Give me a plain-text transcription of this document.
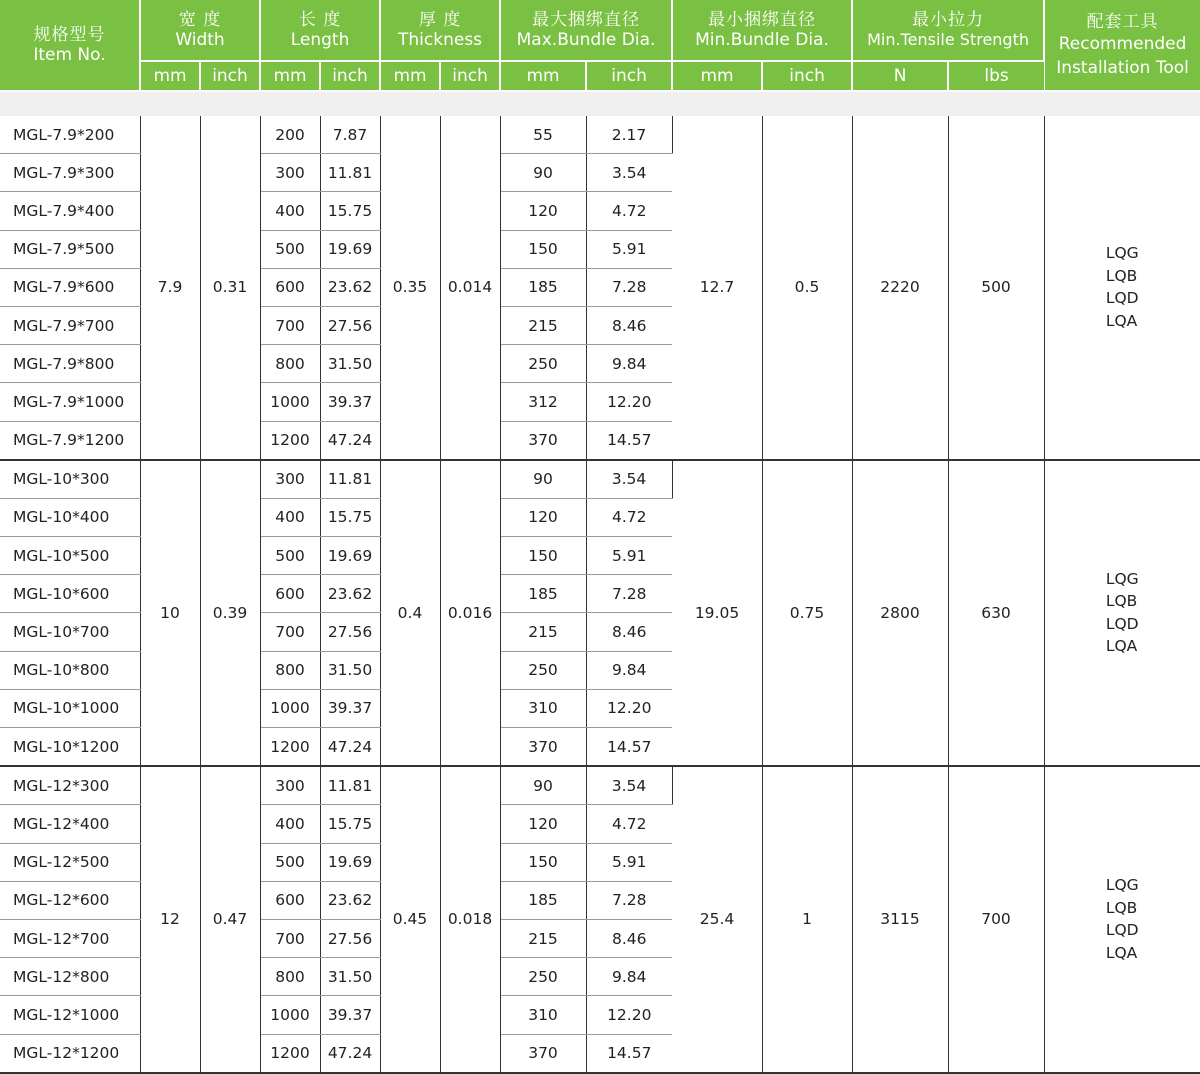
规格型号
Item No.	宽 度
Width		长 度
Length		厚 度
Thickness		最大捆绑直径
Max.Bundle Dia.		最小捆绑直径
Min.Bundle Dia.		最小拉力
Min.Tensile Strength		配套工具
Recommended
Installation Tool

	mm	inch	mm	inch	mm	inch	mm	inch	mm	inch	N	lbs	
MGL-7.9*200	7.9	0.31	200	7.87	0.35	0.014	55	2.17	12.7	0.5	2220	500	LQG
LQB
LQD
LQA

MGL-7.9*300			300	11.81			90	3.54					
MGL-7.9*400			400	15.75			120	4.72					
MGL-7.9*500			500	19.69			150	5.91					
MGL-7.9*600			600	23.62			185	7.28					
MGL-7.9*700			700	27.56			215	8.46					
MGL-7.9*800			800	31.50			250	9.84					
MGL-7.9*1000			1000	39.37			312	12.20					
MGL-7.9*1200			1200	47.24			370	14.57					
MGL-10*300	10	0.39	300	11.81	0.4	0.016	90	3.54	19.05	0.75	2800	630	LQG
LQB
LQD
LQA

MGL-10*400			400	15.75			120	4.72					
MGL-10*500			500	19.69			150	5.91					
MGL-10*600			600	23.62			185	7.28					
MGL-10*700			700	27.56			215	8.46					
MGL-10*800			800	31.50			250	9.84					
MGL-10*1000			1000	39.37			310	12.20					
MGL-10*1200			1200	47.24			370	14.57					
MGL-12*300	12	0.47	300	11.81	0.45	0.018	90	3.54	25.4	1	3115	700	LQG
LQB
LQD
LQA

MGL-12*400			400	15.75			120	4.72					
MGL-12*500			500	19.69			150	5.91					
MGL-12*600			600	23.62			185	7.28					
MGL-12*700			700	27.56			215	8.46					
MGL-12*800			800	31.50			250	9.84					
MGL-12*1000			1000	39.37			310	12.20					
MGL-12*1200			1200	47.24			370	14.57					
